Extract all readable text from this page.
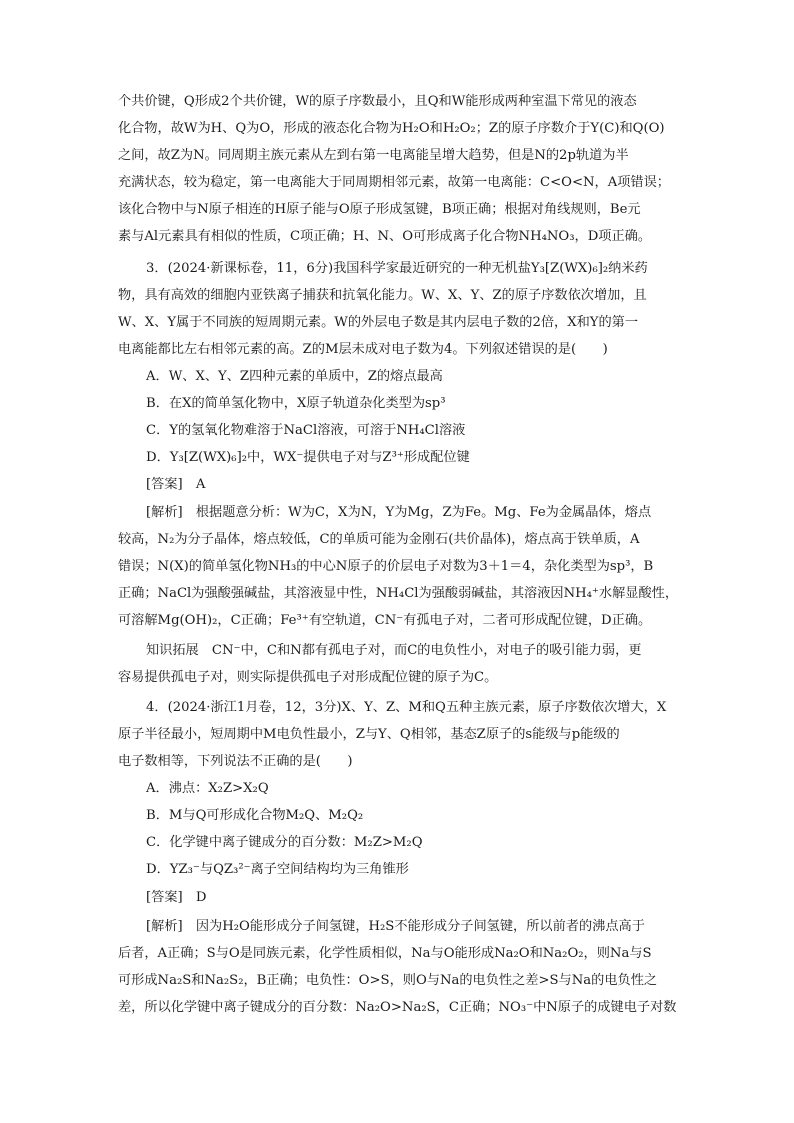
个共价键，Q形成2个共价键，W的原子序数最小，且Q和W能形成两种室温下常见的液态
化合物，故W为H、Q为O，形成的液态化合物为H₂O和H₂O₂；Z的原子序数介于Y(C)和Q(O)
之间，故Z为N。同周期主族元素从左到右第一电离能呈增大趋势，但是N的2p轨道为半
充满状态，较为稳定，第一电离能大于同周期相邻元素，故第一电离能：C<O<N，A项错误；
该化合物中与N原子相连的H原子能与O原子形成氢键，B项正确；根据对角线规则，Be元
素与Al元素具有相似的性质，C项正确；H、N、O可形成离子化合物NH₄NO₃，D项正确。
3．(2024·新课标卷，11，6分)我国科学家最近研究的一种无机盐Y₃[Z(WX)₆]₂纳米药
物，具有高效的细胞内亚铁离子捕获和抗氧化能力。W、X、Y、Z的原子序数依次增加，且
W、X、Y属于不同族的短周期元素。W的外层电子数是其内层电子数的2倍，X和Y的第一
电离能都比左右相邻元素的高。Z的M层未成对电子数为4。下列叙述错误的是(　　)
A．W、X、Y、Z四种元素的单质中，Z的熔点最高
B．在X的简单氢化物中，X原子轨道杂化类型为sp³
C．Y的氢氧化物难溶于NaCl溶液，可溶于NH₄Cl溶液
D．Y₃[Z(WX)₆]₂中，WX⁻提供电子对与Z³⁺形成配位键
[答案]　A
[解析]　根据题意分析：W为C，X为N，Y为Mg，Z为Fe。Mg、Fe为金属晶体，熔点
较高，N₂为分子晶体，熔点较低，C的单质可能为金刚石(共价晶体)，熔点高于铁单质，A
错误；N(X)的简单氢化物NH₃的中心N原子的价层电子对数为3＋1＝4，杂化类型为sp³，B
正确；NaCl为强酸强碱盐，其溶液显中性，NH₄Cl为强酸弱碱盐，其溶液因NH₄⁺水解显酸性，
可溶解Mg(OH)₂，C正确；Fe³⁺有空轨道，CN⁻有孤电子对，二者可形成配位键，D正确。
知识拓展　CN⁻中，C和N都有孤电子对，而C的电负性小，对电子的吸引能力弱，更
容易提供孤电子对，则实际提供孤电子对形成配位键的原子为C。
4．(2024·浙江1月卷，12，3分)X、Y、Z、M和Q五种主族元素，原子序数依次增大，X
原子半径最小，短周期中M电负性最小，Z与Y、Q相邻，基态Z原子的s能级与p能级的
电子数相等，下列说法不正确的是(　　)
A．沸点：X₂Z>X₂Q
B．M与Q可形成化合物M₂Q、M₂Q₂
C．化学键中离子键成分的百分数：M₂Z>M₂Q
D．YZ₃⁻与QZ₃²⁻离子空间结构均为三角锥形
[答案]　D
[解析]　因为H₂O能形成分子间氢键，H₂S不能形成分子间氢键，所以前者的沸点高于
后者，A正确；S与O是同族元素，化学性质相似，Na与O能形成Na₂O和Na₂O₂，则Na与S
可形成Na₂S和Na₂S₂，B正确；电负性：O>S，则O与Na的电负性之差>S与Na的电负性之
差，所以化学键中离子键成分的百分数：Na₂O>Na₂S，C正确；NO₃⁻中N原子的成键电子对数
